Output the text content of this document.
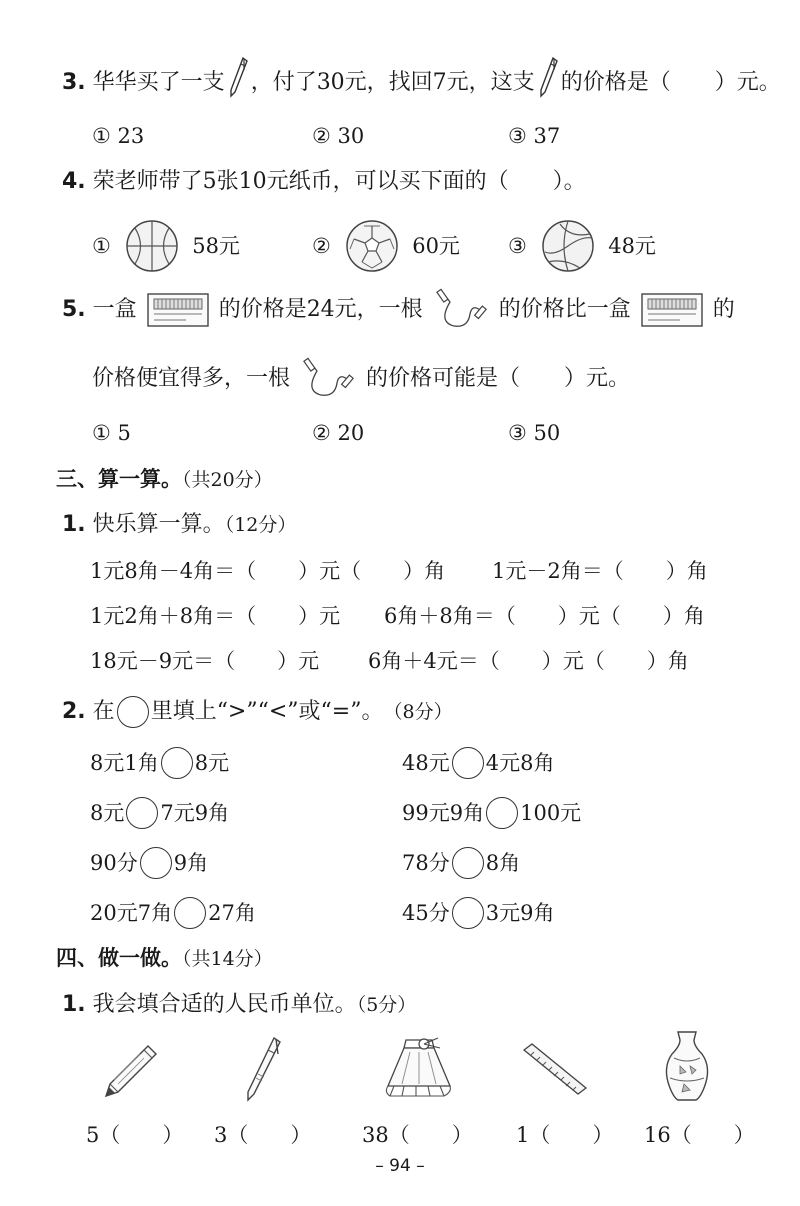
3. 华华买了一支 ，付了30元，找回7元，这支 的价格是（　　）元。
① 23	② 30	③ 37
4. 荣老师带了5张10元纸币，可以买下面的（　　）。
①	58元	②	60元 ③	48元
5. 一盒	的价格是24元，一根	的价格比一盒	的
价格便宜得多，一根	的价格可能是（　　）元。
① 5	② 20	③ 50
三、算一算。（共20分）
1. 快乐算一算。（12分）
1元8角－4角＝（　　）元（　　）角 1元－2角＝（　　）角
1元2角＋8角＝（　　）元 6角＋8角＝（　　）元（　　）角
18元－9元＝（　　）元 6角＋4元＝（　　）元（　　）角
2. 在 里填上“>”“<”或“=”。（8分）
8元1角 8元	48元 4元8角
8元 7元9角	99元9角 100元
90分 9角	78分 8角
20元7角 27角	45分 3元9角
四、做一做。（共14分）
1. 我会填合适的人民币单位。（5分）
5（　　） 3（　　） 38（　　） 1（　　） 16（　　）
– 94 –
